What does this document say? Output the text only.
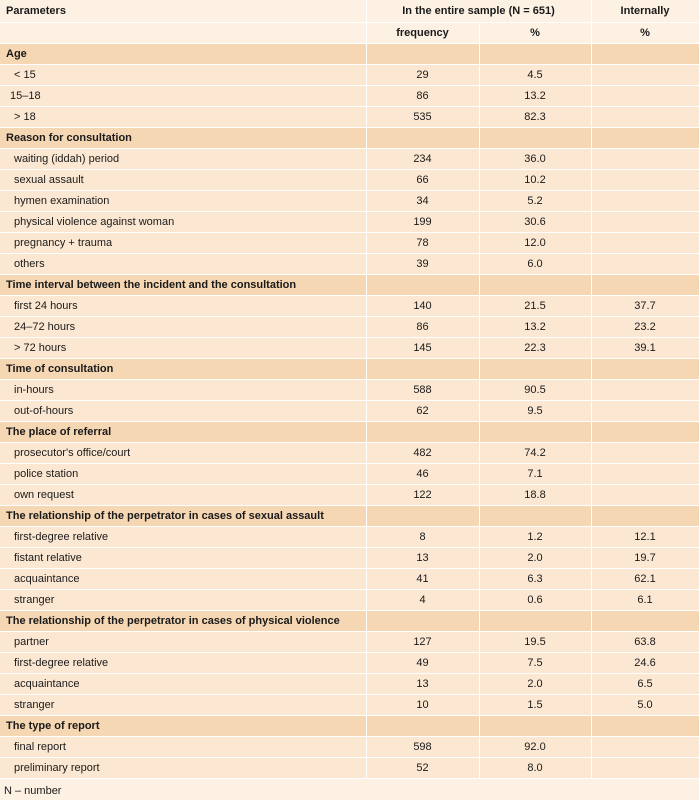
Parameters	In the entire sample (N = 651)		Internally
	frequency	%	%
Age			
< 15	29	4.5	
15–18	86	13.2	
> 18	535	82.3	
Reason for consultation			
waiting (iddah) period	234	36.0	
sexual assault	66	10.2	
hymen examination	34	5.2	
physical violence against woman	199	30.6	
pregnancy + trauma	78	12.0	
others	39	6.0	
Time interval between the incident and the consultation			
first 24 hours	140	21.5	37.7
24–72 hours	86	13.2	23.2
> 72 hours	145	22.3	39.1
Time of consultation			
in-hours	588	90.5	
out-of-hours	62	9.5	
The place of referral			
prosecutor's office/court	482	74.2	
police station	46	7.1	
own request	122	18.8	
The relationship of the perpetrator in cases of sexual assault			
first-degree relative	8	1.2	12.1
fistant relative	13	2.0	19.7
acquaintance	41	6.3	62.1
stranger	4	0.6	6.1
The relationship of the perpetrator in cases of physical violence			
partner	127	19.5	63.8
first-degree relative	49	7.5	24.6
acquaintance	13	2.0	6.5
stranger	10	1.5	5.0
The type of report			
final report	598	92.0	
preliminary report	52	8.0	
N – number
